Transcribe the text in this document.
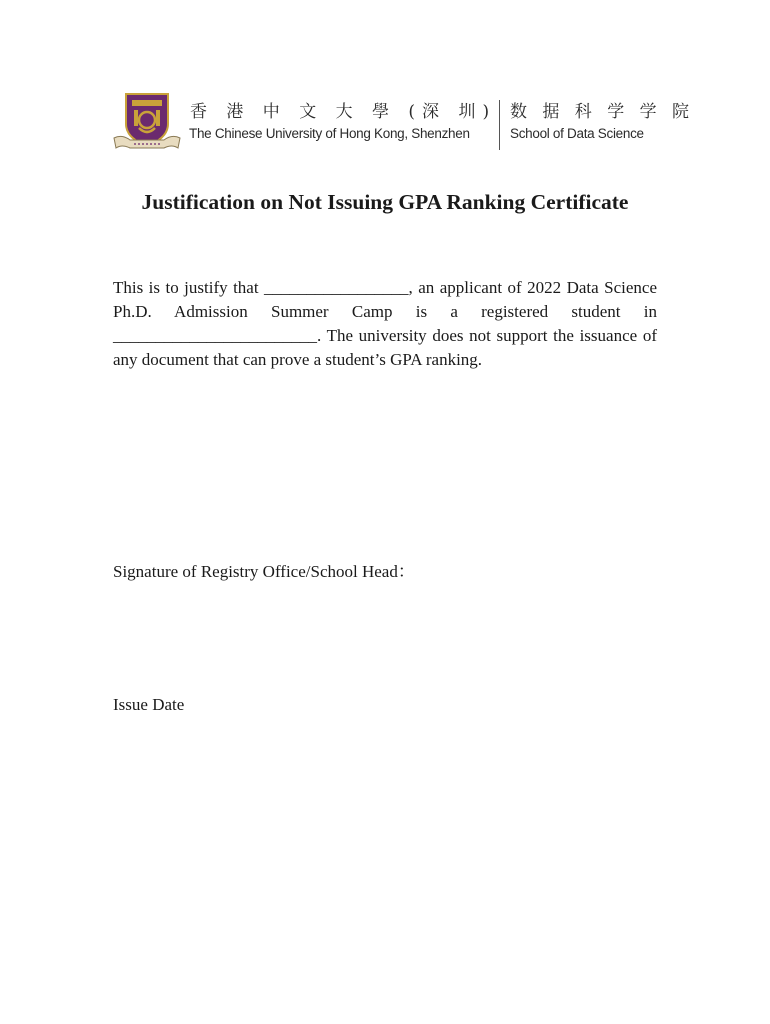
香 港 中 文 大 學 (深 圳)
The Chinese University of Hong Kong, Shenzhen
数 据 科 学 学 院
School of Data Science
Justification on Not Issuing GPA Ranking Certificate
This is to justify that _________________, an applicant of 2022 Data Science Ph.D. Admission Summer Camp is a registered student in ________________________. The university does not support the issuance of any document that can prove a student’s GPA ranking.
Signature of Registry Office/School Head：
Issue Date
